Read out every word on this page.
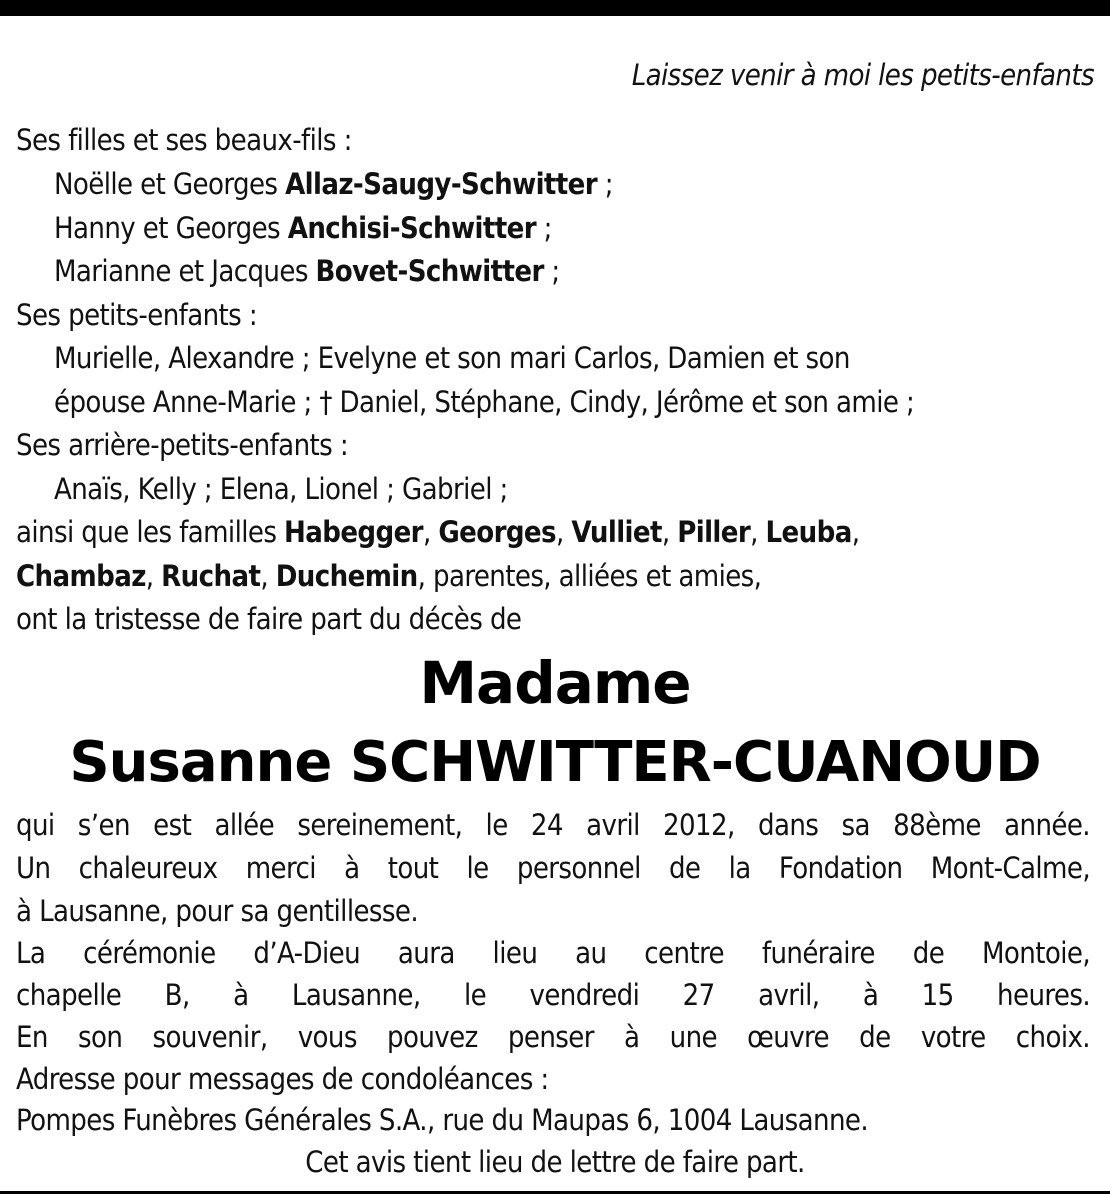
Laissez venir à moi les petits-enfants
Ses filles et ses beaux-fils :
Noëlle et Georges Allaz-Saugy-Schwitter ;
Hanny et Georges Anchisi-Schwitter ;
Marianne et Jacques Bovet-Schwitter ;
Ses petits-enfants :
Murielle, Alexandre ; Evelyne et son mari Carlos, Damien et son
épouse Anne-Marie ; † Daniel, Stéphane, Cindy, Jérôme et son amie ;
Ses arrière-petits-enfants :
Anaïs, Kelly ; Elena, Lionel ; Gabriel ;
ainsi que les familles Habegger, Georges, Vulliet, Piller, Leuba,
Chambaz, Ruchat, Duchemin, parentes, alliées et amies,
ont la tristesse de faire part du décès de
Madame
Susanne SCHWITTER-CUANOUD
qui s’en est allée sereinement, le 24 avril 2012, dans sa 88ème année.
Un chaleureux merci à tout le personnel de la Fondation Mont-Calme,
à Lausanne, pour sa gentillesse.
La cérémonie d’A-Dieu aura lieu au centre funéraire de Montoie,
chapelle B, à Lausanne, le vendredi 27 avril, à 15 heures.
En son souvenir, vous pouvez penser à une œuvre de votre choix.
Adresse pour messages de condoléances :
Pompes Funèbres Générales S.A., rue du Maupas 6, 1004 Lausanne.
Cet avis tient lieu de lettre de faire part.
